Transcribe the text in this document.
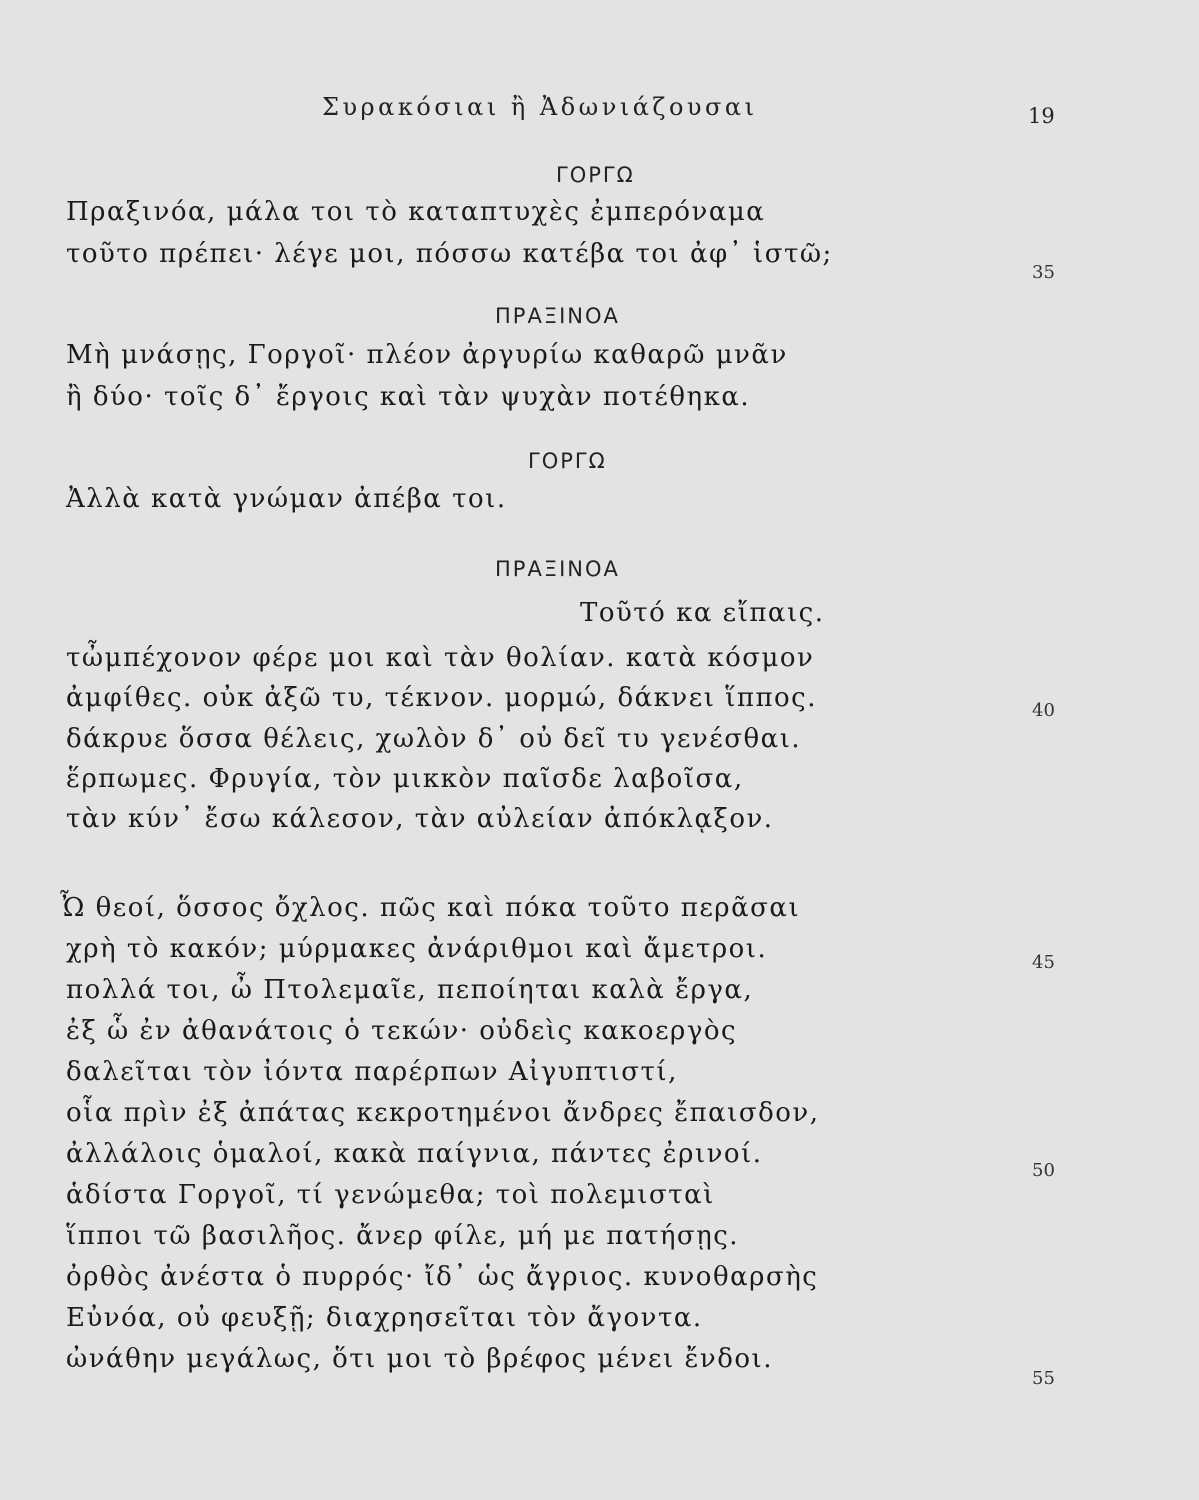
Συρακόσιαι ἢ Ἀδωνιάζουσαι	19
ΓΟΡΓΩ
Πραξινόα, μάλα τοι τὸ καταπτυχὲς ἐμπερόναμα
τοῦτο πρέπει· λέγε μοι, πόσσω κατέβα τοι ἀφ᾽ ἱστῶ;
35
ΠΡΑΞΙΝΟΑ
Μὴ μνάσῃς, Γοργοῖ· πλέον ἀργυρίω καθαρῶ μνᾶν
ἢ δύο· τοῖς δ᾽ ἔργοις καὶ τὰν ψυχὰν ποτέθηκα.
ΓΟΡΓΩ
Ἀλλὰ κατὰ γνώμαν ἀπέβα τοι.
ΠΡΑΞΙΝΟΑ
Τοῦτό κα εἴπαις.
τὦμπέχονον φέρε μοι καὶ τὰν θολίαν. κατὰ κόσμον
ἀμφίθες. οὐκ ἀξῶ τυ, τέκνον. μορμώ, δάκνει ἵππος.	40
δάκρυε ὅσσα θέλεις, χωλὸν δ᾽ οὐ δεῖ τυ γενέσθαι.
ἕρπωμες. Φρυγία, τὸν μικκὸν παῖσδε λαβοῖσα,
τὰν κύν᾽ ἔσω κάλεσον, τὰν αὐλείαν ἀπόκλᾳξον.
Ὦ θεοί, ὅσσος ὄχλος. πῶς καὶ πόκα τοῦτο περᾶσαι
χρὴ τὸ κακόν; μύρμακες ἀνάριθμοι καὶ ἄμετροι.	45
πολλά τοι, ὦ Πτολεμαῖε, πεποίηται καλὰ ἔργα,
ἐξ ὧ ἐν ἀθανάτοις ὁ τεκών· οὐδεὶς κακοεργὸς
δαλεῖται τὸν ἰόντα παρέρπων Αἰγυπτιστί,
οἷα πρὶν ἐξ ἀπάτας κεκροτημένοι ἄνδρες ἔπαισδον,
ἀλλάλοις ὁμαλοί, κακὰ παίγνια, πάντες ἐρινοί.
50
ἁδίστα Γοργοῖ, τί γενώμεθα; τοὶ πολεμισταὶ
ἵπποι τῶ βασιλῆος. ἄνερ φίλε, μή με πατήσῃς.
ὀρθὸς ἀνέστα ὁ πυρρός· ἴδ᾽ ὡς ἄγριος. κυνοθαρσὴς
Εὐνόα, οὐ φευξῇ; διαχρησεῖται τὸν ἄγοντα.
ὠνάθην μεγάλως, ὅτι μοι τὸ βρέφος μένει ἔνδοι.
55
